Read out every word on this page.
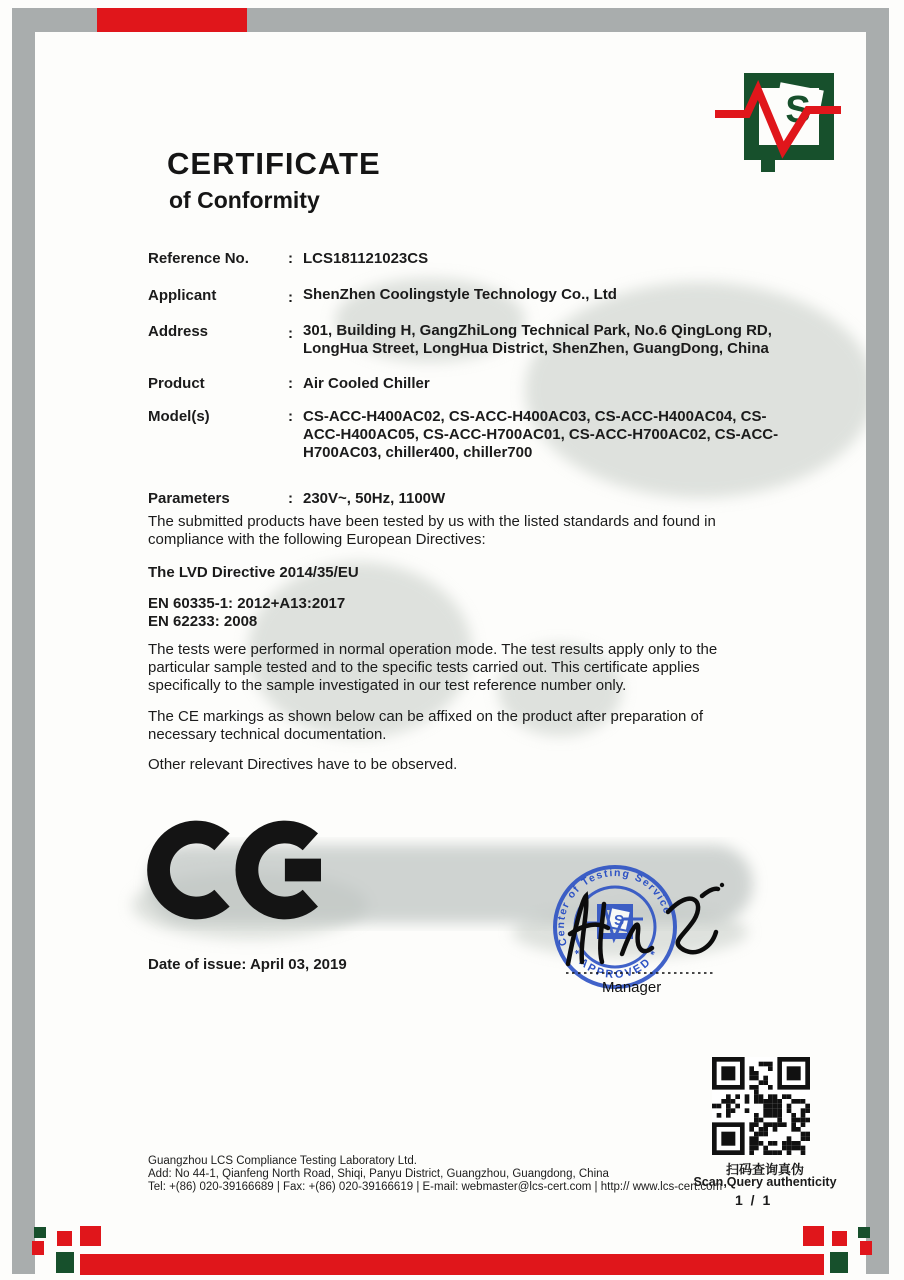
S
CERTIFICATE
of Conformity
Reference No.	: LCS181121023CS
Applicant	: ShenZhen Coolingstyle Technology Co., Ltd
Address	: 301, Building H, GangZhiLong Technical Park, No.6 QingLong RD, LongHua Street, LongHua District, ShenZhen, GuangDong, China
Product	: Air Cooled Chiller
Model(s)	: CS-ACC-H400AC02, CS-ACC-H400AC03, CS-ACC-H400AC04, CS-ACC-H400AC05, CS-ACC-H700AC01, CS-ACC-H700AC02, CS-ACC-H700AC03, chiller400, chiller700
Parameters	: 230V~, 50Hz, 1100W
The submitted products have been tested by us with the listed standards and found in compliance with the following European Directives:
The LVD Directive 2014/35/EU
EN 60335-1: 2012+A13:2017
EN 62233: 2008
The tests were performed in normal operation mode. The test results apply only to the particular sample tested and to the specific tests carried out. This certificate applies specifically to the sample investigated in our test reference number only.
The CE markings as shown below can be affixed on the product after preparation of necessary technical documentation.
Other relevant Directives have to be observed.
Date of issue: April 03, 2019
Center of Testing Service
* APPROVED *
S
Manager
扫码查询真伪
Scan,Query authenticity
1 / 1
Guangzhou LCS Compliance Testing Laboratory Ltd.
Add: No 44-1, Qianfeng North Road, Shiqi, Panyu District, Guangzhou, Guangdong, China
Tel: +(86) 020-39166689 | Fax: +(86) 020-39166619 | E-mail: webmaster@lcs-cert.com | http:// www.lcs-cert.com
